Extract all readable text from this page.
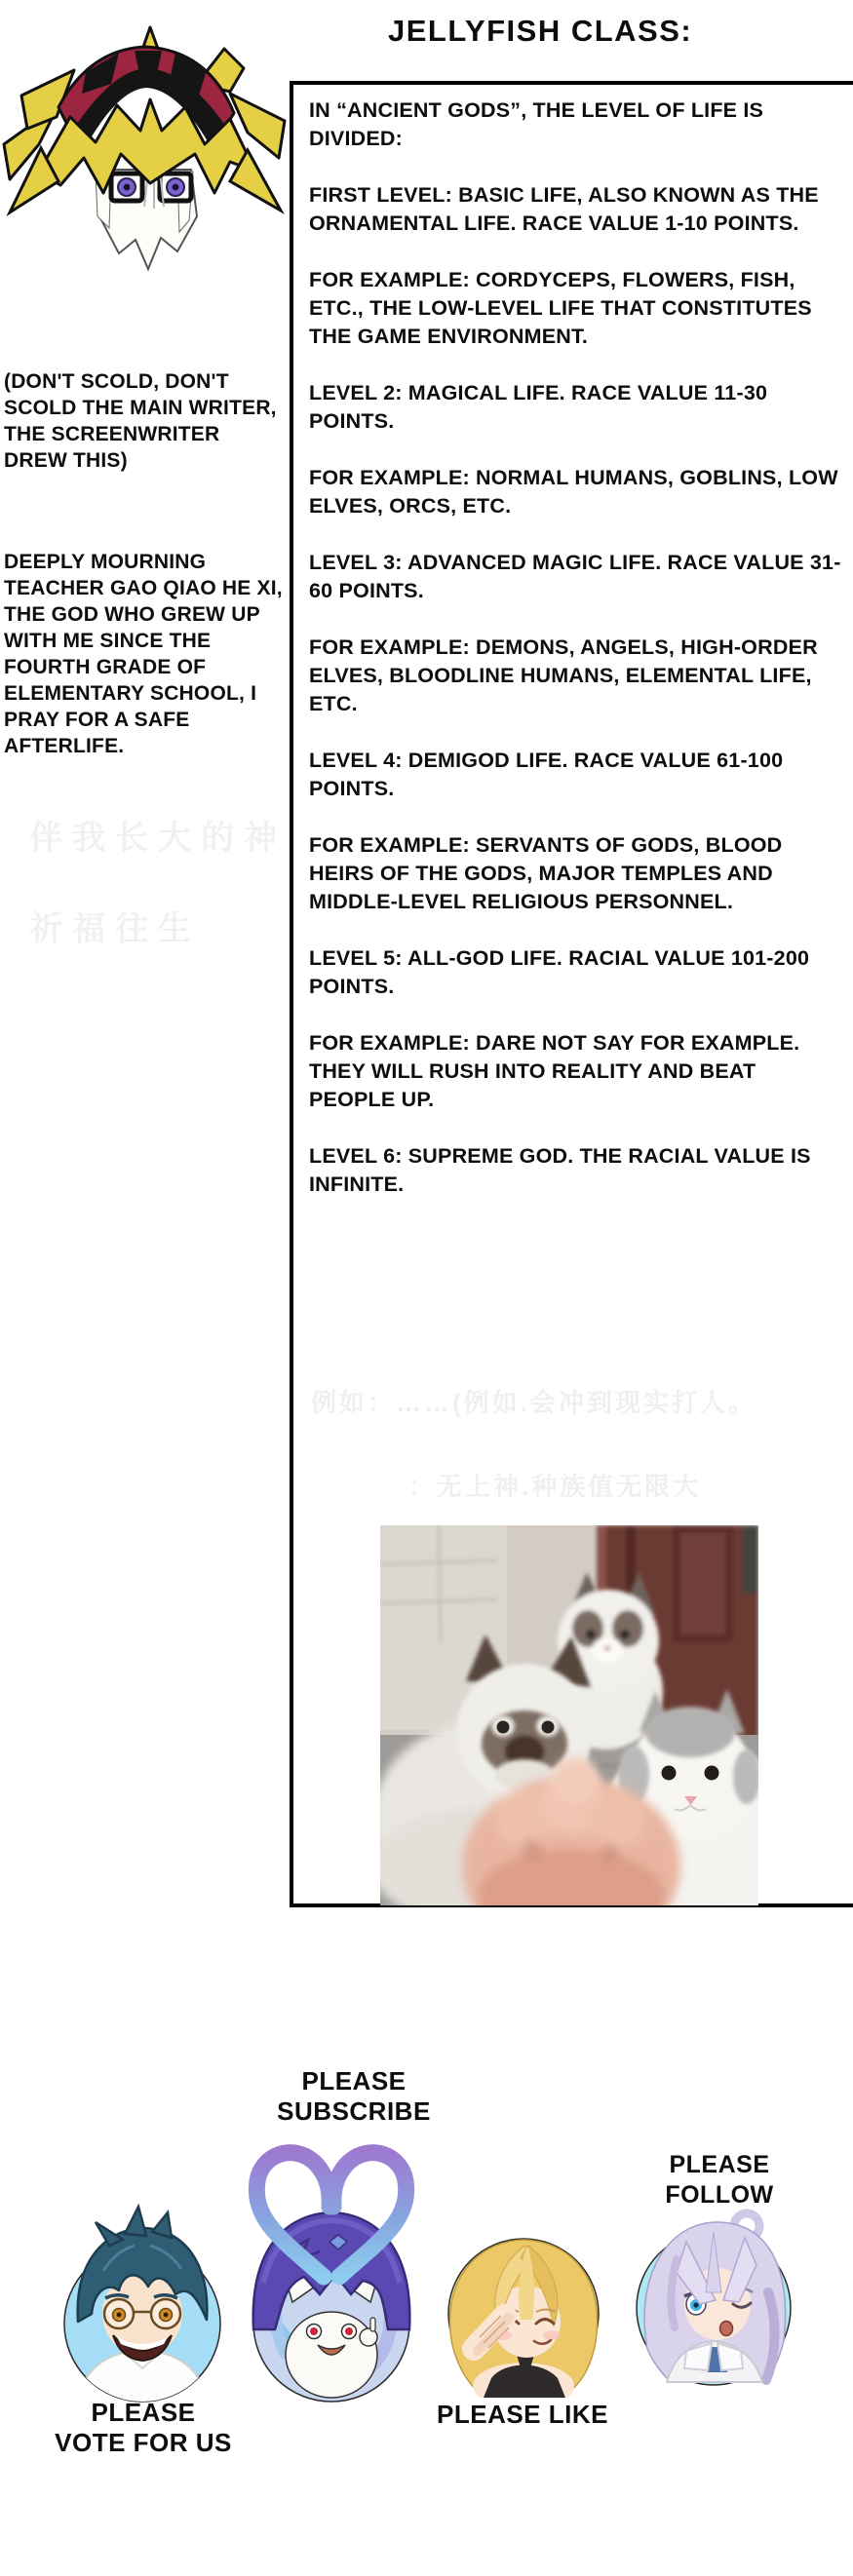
JELLYFISH CLASS:
(DON'T SCOLD, DON'T SCOLD THE MAIN WRITER, THE SCREENWRITER DREW THIS)
DEEPLY MOURNING TEACHER GAO QIAO HE XI, THE GOD WHO GREW UP WITH ME SINCE THE FOURTH GRADE OF ELEMENTARY SCHOOL, I PRAY FOR A SAFE AFTERLIFE.
伴我长大的神
祈福往生

IN “ANCIENT GODS”, THE LEVEL OF LIFE IS DIVIDED:

FIRST LEVEL: BASIC LIFE, ALSO KNOWN AS THE ORNAMENTAL LIFE. RACE VALUE 1-10 POINTS.

FOR EXAMPLE: CORDYCEPS, FLOWERS, FISH, ETC., THE LOW-LEVEL LIFE THAT CONSTITUTES THE GAME ENVIRONMENT.

LEVEL 2: MAGICAL LIFE. RACE VALUE 11-30 POINTS.

FOR EXAMPLE: NORMAL HUMANS, GOBLINS, LOW ELVES, ORCS, ETC.

LEVEL 3: ADVANCED MAGIC LIFE. RACE VALUE 31-60 POINTS.

FOR EXAMPLE: DEMONS, ANGELS, HIGH-ORDER ELVES, BLOODLINE HUMANS, ELEMENTAL LIFE, ETC.

LEVEL 4: DEMIGOD LIFE. RACE VALUE 61-100 POINTS.

FOR EXAMPLE: SERVANTS OF GODS, BLOOD HEIRS OF THE GODS, MAJOR TEMPLES AND MIDDLE-LEVEL RELIGIOUS PERSONNEL.

LEVEL 5: ALL-GOD LIFE. RACIAL VALUE 101-200 POINTS.

FOR EXAMPLE: DARE NOT SAY FOR EXAMPLE. THEY WILL RUSH INTO REALITY AND BEAT PEOPLE UP.

LEVEL 6: SUPREME GOD. THE RACIAL VALUE IS INFINITE.

例如：……(例如.会冲到现实打人。
：无上神.种族值无限大
PLEASE
SUBSCRIBE
PLEASE
FOLLOW
PLEASE
VOTE FOR US
PLEASE LIKE
